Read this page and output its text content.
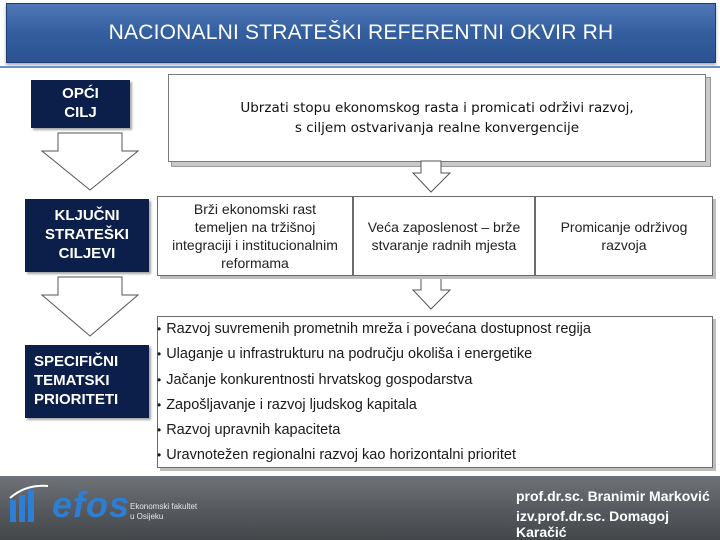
NACIONALNI STRATEŠKI REFERENTNI OKVIR RH
OPĆI
CILJ
KLJUČNI
STRATEŠKI
CILJEVI
SPECIFIČNI
TEMATSKI
PRIORITETI
Ubrzati stopu ekonomskog rasta i promicati održivi razvoj,
s ciljem ostvarivanja realne konvergencije
Brži ekonomski rast
temeljen na tržišnoj
integraciji i institucionalnim
reformama
Veća zaposlenost – brže
stvaranje radnih mjesta
Promicanje održivog
razvoja
• Razvoj suvremenih prometnih mreža i povećana dostupnost regija
• Ulaganje u infrastrukturu na području okoliša i energetike
• Jačanje konkurentnosti hrvatskog gospodarstva
• Zapošljavanje i razvoj ljudskog kapitala
• Razvoj upravnih kapaciteta
• Uravnotežen regionalni razvoj kao horizontalni prioritet
efos Ekonomski fakultet
u Osijeku
prof.dr.sc. Branimir Marković
izv.prof.dr.sc. Domagoj Karačić
